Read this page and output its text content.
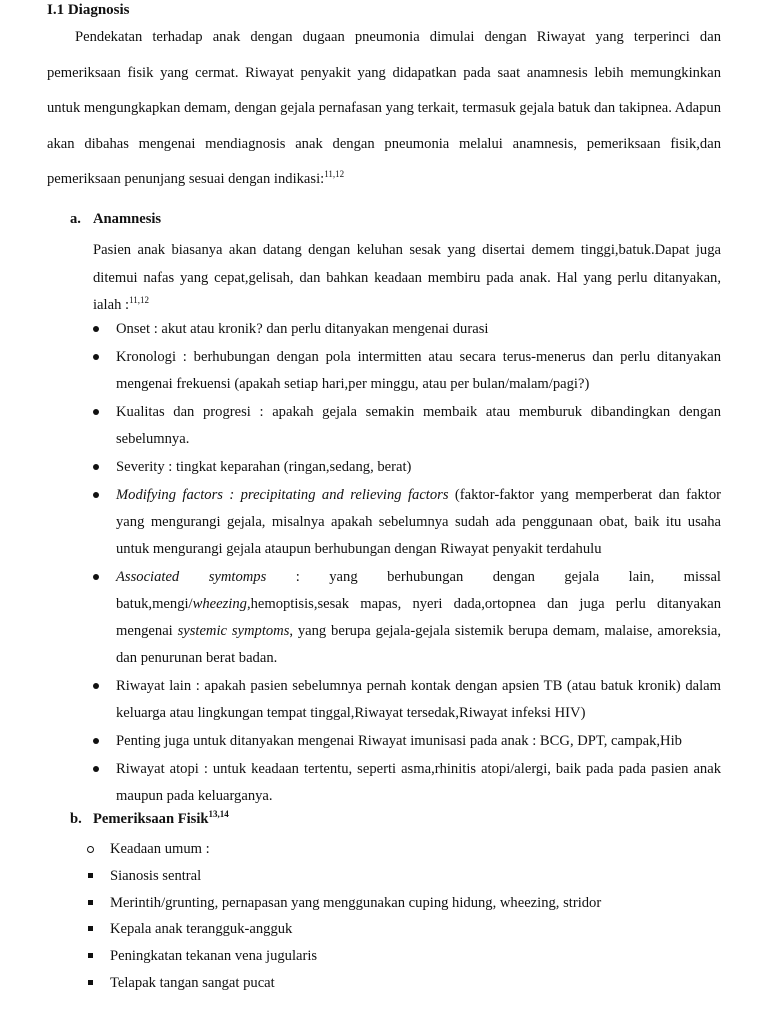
I.1 Diagnosis

Pendekatan terhadap anak dengan dugaan pneumonia dimulai dengan Riwayat yang terperinci dan pemeriksaan fisik yang cermat. Riwayat penyakit yang didapatkan pada saat anamnesis lebih memungkinkan untuk mengungkapkan demam, dengan gejala pernafasan yang terkait, termasuk gejala batuk dan takipnea. Adapun akan dibahas mengenai mendiagnosis anak dengan pneumonia melalui anamnesis, pemeriksaan fisik,dan pemeriksaan penunjang sesuai dengan indikasi:$^{11,12}$

a. Anamnesis

Pasien anak biasanya akan datang dengan keluhan sesak yang disertai demem tinggi,batuk.Dapat juga ditemui nafas yang cepat,gelisah, dan bahkan keadaan membiru pada anak. Hal yang perlu ditanyakan, ialah :$^{11,12}$

Onset : akut atau kronik? dan perlu ditanyakan mengenai durasi
Kronologi : berhubungan dengan pola intermitten atau secara terus-menerus dan perlu ditanyakan mengenai frekuensi (apakah setiap hari,per minggu, atau per bulan/malam/pagi?)
Kualitas dan progresi : apakah gejala semakin membaik atau memburuk dibandingkan dengan sebelumnya.
Severity : tingkat keparahan (ringan,sedang, berat)
Modifying factors : precipitating and relieving factors (faktor-faktor yang memperberat dan faktor yang mengurangi gejala, misalnya apakah sebelumnya sudah ada penggunaan obat, baik itu usaha untuk mengurangi gejala ataupun berhubungan dengan Riwayat penyakit terdahulu
Associated symtomps : yang berhubungan dengan gejala lain, missal batuk,mengi/wheezing,hemoptisis,sesak mapas, nyeri dada,ortopnea dan juga perlu ditanyakan mengenai systemic symptoms, yang berupa gejala-gejala sistemik berupa demam, malaise, amoreksia, dan penurunan berat badan.
Riwayat lain : apakah pasien sebelumnya pernah kontak dengan apsien TB (atau batuk kronik) dalam keluarga atau lingkungan tempat tinggal,Riwayat tersedak,Riwayat infeksi HIV)
Penting juga untuk ditanyakan mengenai Riwayat imunisasi pada anak : BCG, DPT, campak,Hib
Riwayat atopi : untuk keadaan tertentu, seperti asma,rhinitis atopi/alergi, baik pada pada pasien anak maupun pada keluarganya.
b. Pemeriksaan Fisik$^{13,14}$
Keadaan umum :
Sianosis sentral
Merintih/grunting, pernapasan yang menggunakan cuping hidung, wheezing, stridor
Kepala anak terangguk-angguk
Peningkatan tekanan vena jugularis
Telapak tangan sangat pucat
